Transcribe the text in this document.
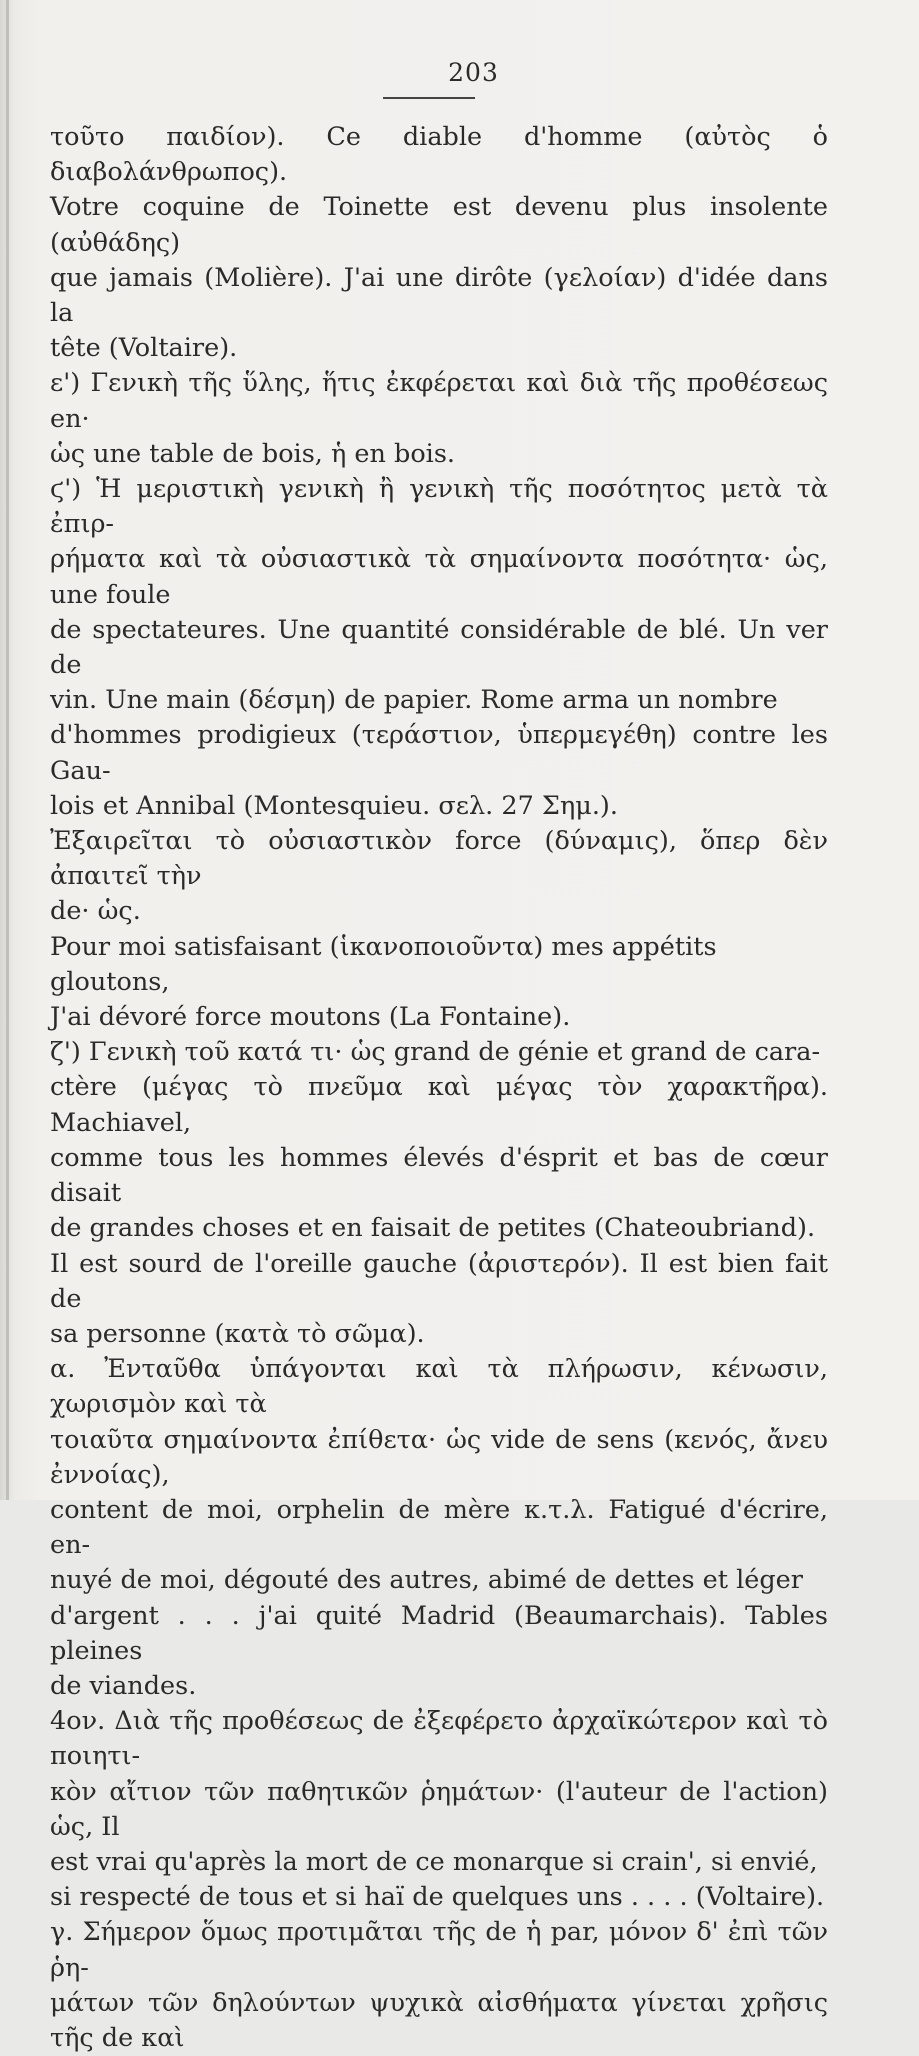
203

τοῦτο παιδίον). Ce diable d'homme (αὐτὸς ὁ διαβολάνθρωπος).

Votre coquine de Toinette est devenu plus insolente (αὐθάδης)

que jamais (Molière). J'ai une dirôte (γελοίαν) d'idée dans la

tête (Voltaire).

ε') Γενικὴ τῆς ὕλης, ἥτις ἐκφέρεται καὶ διὰ τῆς προθέσεως en·

ὡς une table de bois, ἡ en bois.

ϛ') Ἡ μεριστικὴ γενικὴ ἢ γενικὴ τῆς ποσότητος μετὰ τὰ ἐπιρ-

ρήματα καὶ τὰ οὐσιαστικὰ τὰ σημαίνοντα ποσότητα· ὡς, une foule

de spectateures. Une quantité considérable de blé. Un ver de

vin. Une main (δέσμη) de papier. Rome arma un nombre

d'hommes prodigieux (τεράστιον, ὑπερμεγέθη) contre les Gau-

lois et Annibal (Montesquieu. σελ. 27 Σημ.).

Ἐξαιρεῖται τὸ οὐσιαστικὸν force (δύναμις), ὅπερ δὲν ἀπαιτεῖ τὴν

de· ὡς.

Pour moi satisfaisant (ἱκανοποιοῦντα) mes appétits gloutons,

J'ai dévoré force moutons (La Fontaine).

ζ') Γενικὴ τοῦ κατά τι· ὡς grand de génie et grand de cara-

ctère (μέγας τὸ πνεῦμα καὶ μέγας τὸν χαρακτῆρα). Machiavel,

comme tous les hommes élevés d'ésprit et bas de cœur disait

de grandes choses et en faisait de petites (Chateoubriand).

Il est sourd de l'oreille gauche (ἀριστερόν). Il est bien fait de

sa personne (κατὰ τὸ σῶμα).

α. Ἐνταῦθα ὑπάγονται καὶ τὰ πλήρωσιν, κένωσιν, χωρισμὸν καὶ τὰ

τοιαῦτα σημαίνοντα ἐπίθετα· ὡς vide de sens (κενός, ἄνευ ἐννοίας),

content de moi, orphelin de mère κ.τ.λ. Fatigué d'écrire, en-

nuyé de moi, dégouté des autres, abimé de dettes et léger

d'argent . . . j'ai quité Madrid (Beaumarchais). Tables pleines

de viandes.

4ον. Διὰ τῆς προθέσεως de ἐξεφέρετο ἀρχαϊκώτερον καὶ τὸ ποιητι-

κὸν αἴτιον τῶν παθητικῶν ῥημάτων· (l'auteur de l'action) ὡς, Il

est vrai qu'après la mort de ce monarque si crain', si envié,

si respecté de tous et si haï de quelques uns . . . . (Voltaire).

γ. Σήμερον ὅμως προτιμᾶται τῆς de ἡ par, μόνον δ' ἐπὶ τῶν ῥη-

μάτων τῶν δηλούντων ψυχικὰ αἰσθήματα γίνεται χρῆσις τῆς de καὶ
